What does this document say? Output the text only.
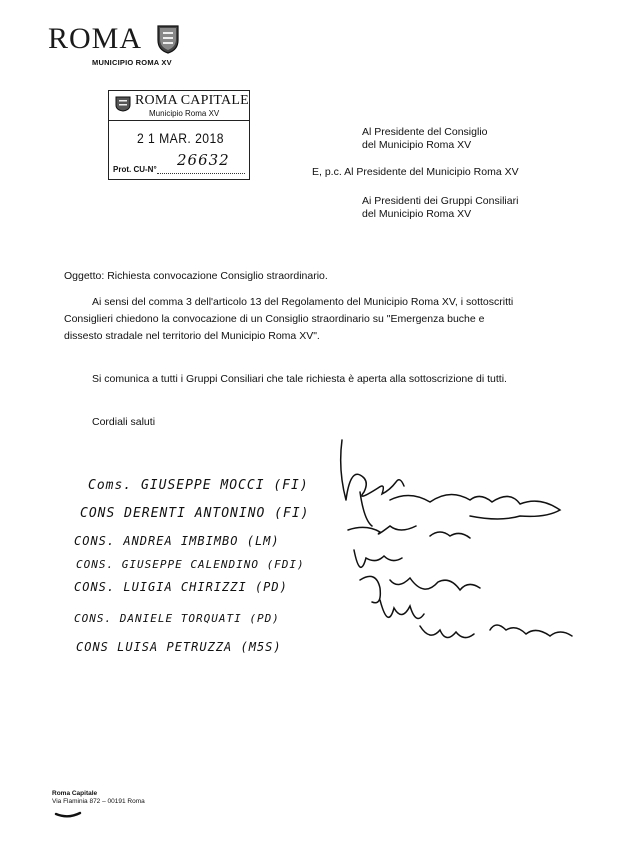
ROMA
MUNICIPIO ROMA XV
ROMA CAPITALE
Municipio Roma XV
2 1 MAR. 2018
26632
Prot. CU-N°
Al Presidente del Consiglio
del Municipio Roma XV
E, p.c. Al Presidente del Municipio Roma XV
Ai Presidenti dei Gruppi Consiliari
del Municipio Roma XV
Oggetto: Richiesta convocazione Consiglio straordinario.
Ai sensi del comma 3 dell'articolo 13 del Regolamento del Municipio Roma XV, i sottoscritti
Consiglieri chiedono la convocazione di un Consiglio straordinario su "Emergenza buche e
dissesto stradale nel territorio del Municipio Roma XV".
Si comunica a tutti i Gruppi Consiliari che tale richiesta è aperta alla sottoscrizione di tutti.
Cordiali saluti
Coms. GIUSEPPE MOCCI (FI)
CONS DERENTI ANTONINO (FI)
CONS. ANDREA IMBIMBO (LM)
CONS. GIUSEPPE CALENDINO (FDI)
CONS. LUIGIA CHIRIZZI (PD)
CONS. DANIELE TORQUATI (PD)
CONS LUISA PETRUZZA (M5S)
Roma Capitale
Via Flaminia 872 – 00191 Roma
